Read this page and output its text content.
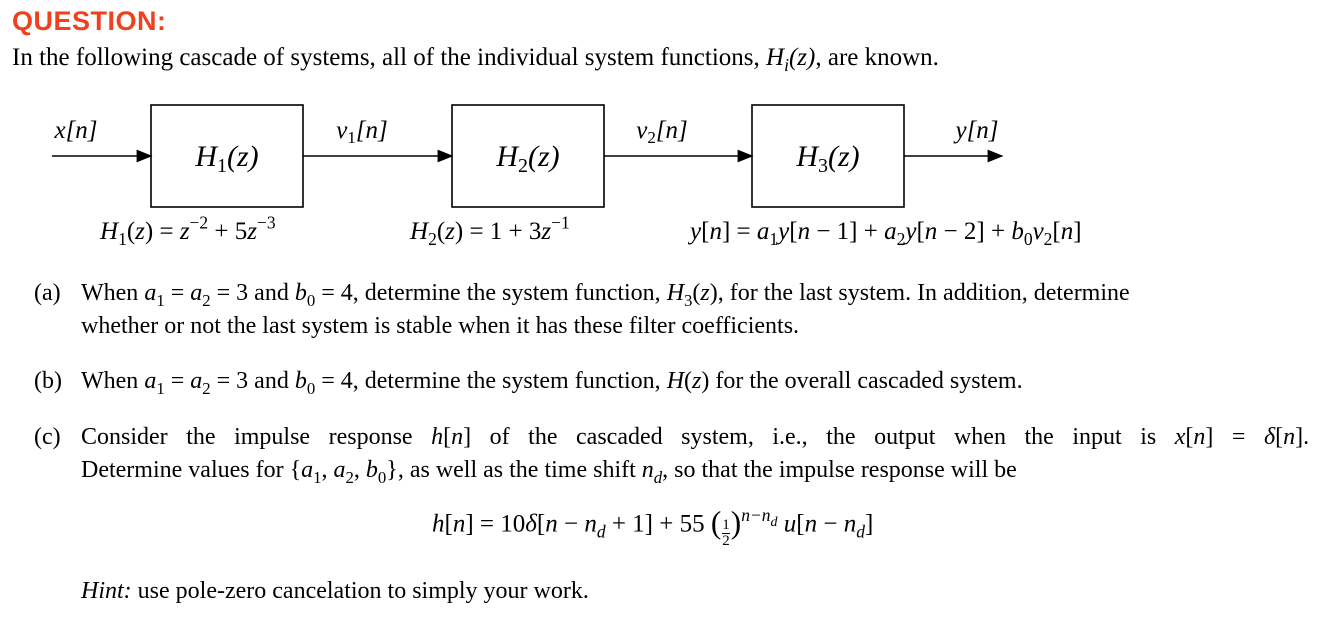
QUESTION:
In the following cascade of systems, all of the individual system functions, $H_i(z)$, are known.
x[n]
$H_1(z)$
$v_1[n]$
$H_2(z)$
$v_2[n]$
$H_3(z)$
y[n]
$H_1(z) = z^{-2} + 5z^{-3}$	$H_2(z) = 1 + 3z^{-1}$	$y[n] = a_1y[n - 1] + a_2y[n - 2] + b_0v_2[n]$
(a) When $a_1 = a_2 = 3$ and $b_0 = 4$, determine the system function, $H_3(z)$, for the last system. In addition, determine
whether or not the last system is stable when it has these filter coefficients.
(b) When $a_1 = a_2 = 3$ and $b_0 = 4$, determine the system function, H(z) for the overall cascaded system.
(c) Consider the impulse response h[n] of the cascaded system, i.e., the output when the input is x[n] = δ[n].
Determine values for {$a_1$, $a_2$, $b_0$}, as well as the time shift $n_d$, so that the impulse response will be
$h[n] = 10\delta[n - n_d + 1] + 55$ ( $\frac{1}{2} )^{n-n_d}$ $u[n - n_d]$
Hint: use pole-zero cancelation to simply your work.
